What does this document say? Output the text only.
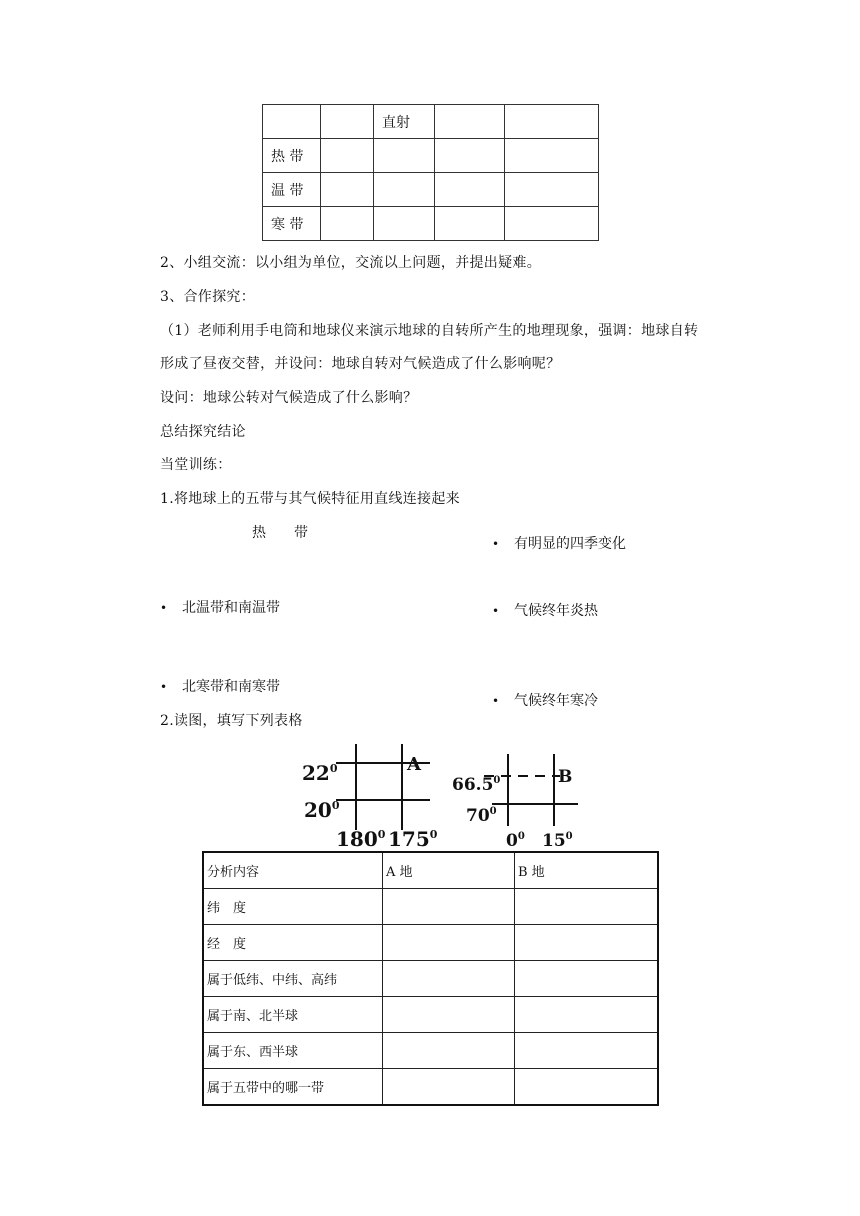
		直射		
热 带				
温 带				
寒 带				
2、小组交流：以小组为单位，交流以上问题，并提出疑难。
3、合作探究：
（1）老师利用手电筒和地球仪来演示地球的自转所产生的地理现象，强调：地球自转
形成了昼夜交替，并设问：地球自转对气候造成了什么影响呢？
设问：地球公转对气候造成了什么影响？
总结探究结论
当堂训练：
1.将地球上的五带与其气候特征用直线连接起来
热　　带
• 北温带和南温带
• 北寒带和南寒带
• 有明显的四季变化
• 气候终年炎热
• 气候终年寒冷
2.读图，填写下列表格
$22^0$
$20^0$
$180^0$ $175^0$
A
66.5$^0$
$70^0$
$0^0$ $15^0$
B
分析内容	A 地	B 地
纬　度		
经　度		
属于低纬、中纬、高纬		
属于南、北半球		
属于东、西半球		
属于五带中的哪一带		
